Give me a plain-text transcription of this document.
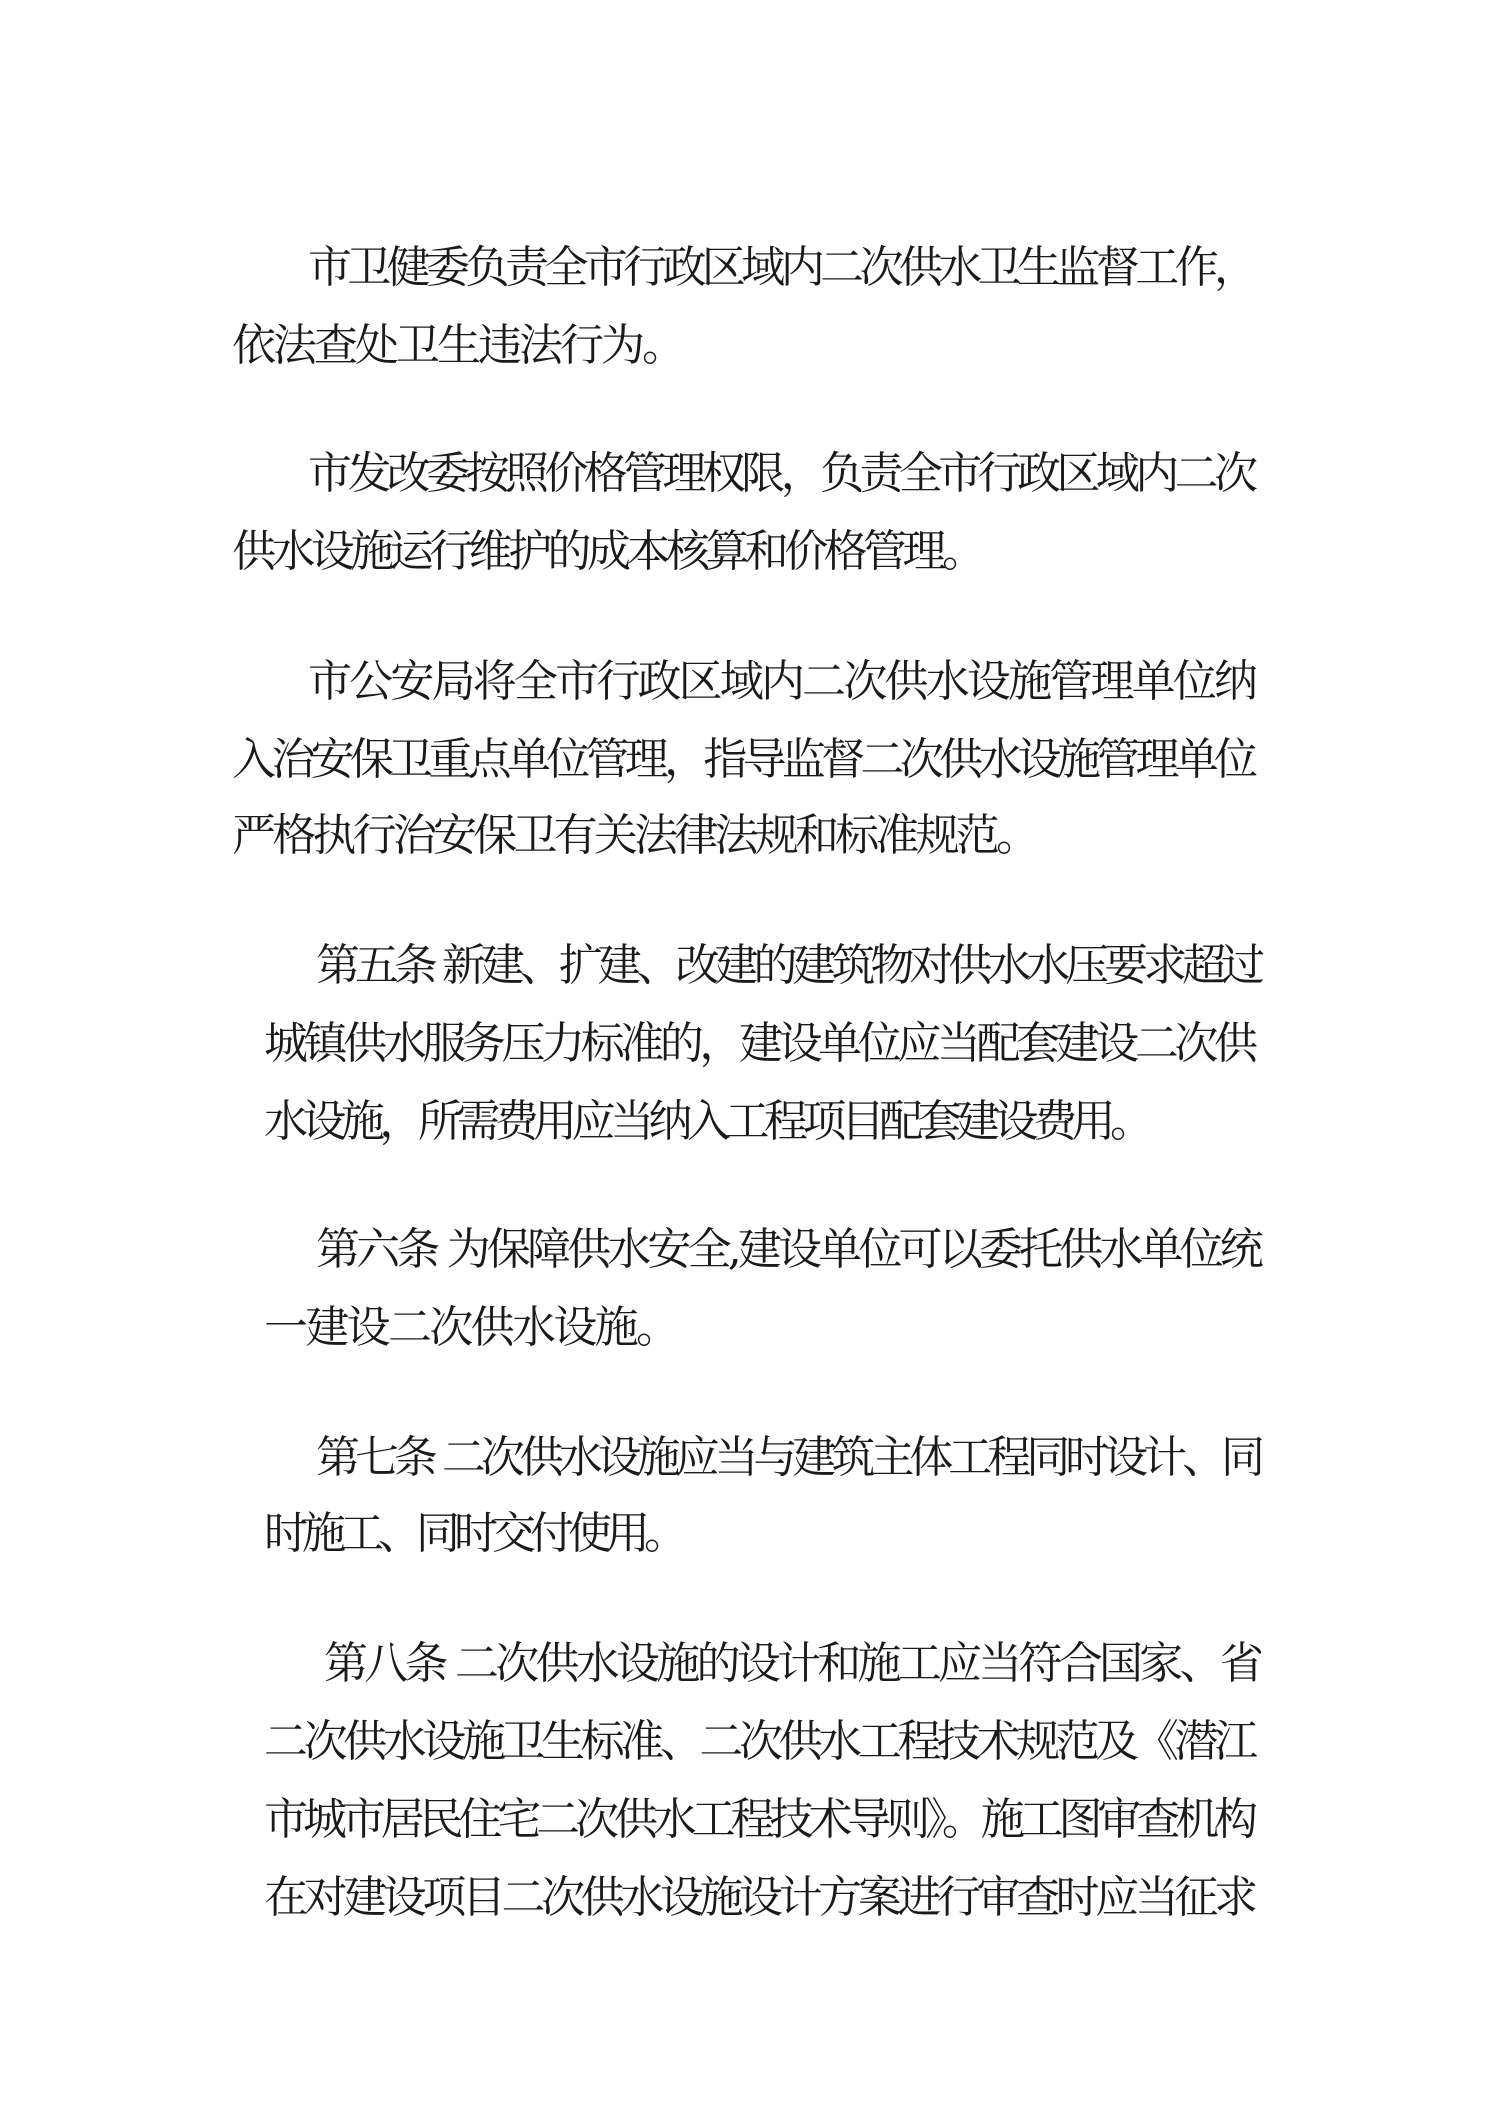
市卫健委负责全市行政区域内二次供水卫生监督工作，
依法查处卫生违法行为。
市发改委按照价格管理权限，负责全市行政区域内二次
供水设施运行维护的成本核算和价格管理。
市公安局将全市行政区域内二次供水设施管理单位纳
入治安保卫重点单位管理，指导监督二次供水设施管理单位
严格执行治安保卫有关法律法规和标准规范。
第五条 新建、扩建、改建的建筑物对供水水压要求超过
城镇供水服务压力标准的，建设单位应当配套建设二次供
水设施，所需费用应当纳入工程项目配套建设费用。
第六条 为保障供水安全,建设单位可以委托供水单位统
一建设二次供水设施。
第七条 二次供水设施应当与建筑主体工程同时设计、同
时施工、同时交付使用。
第八条 二次供水设施的设计和施工应当符合国家、省
二次供水设施卫生标准、二次供水工程技术规范及《潜江
市城市居民住宅二次供水工程技术导则》。施工图审查机构
在对建设项目二次供水设施设计方案进行审查时应当征求
